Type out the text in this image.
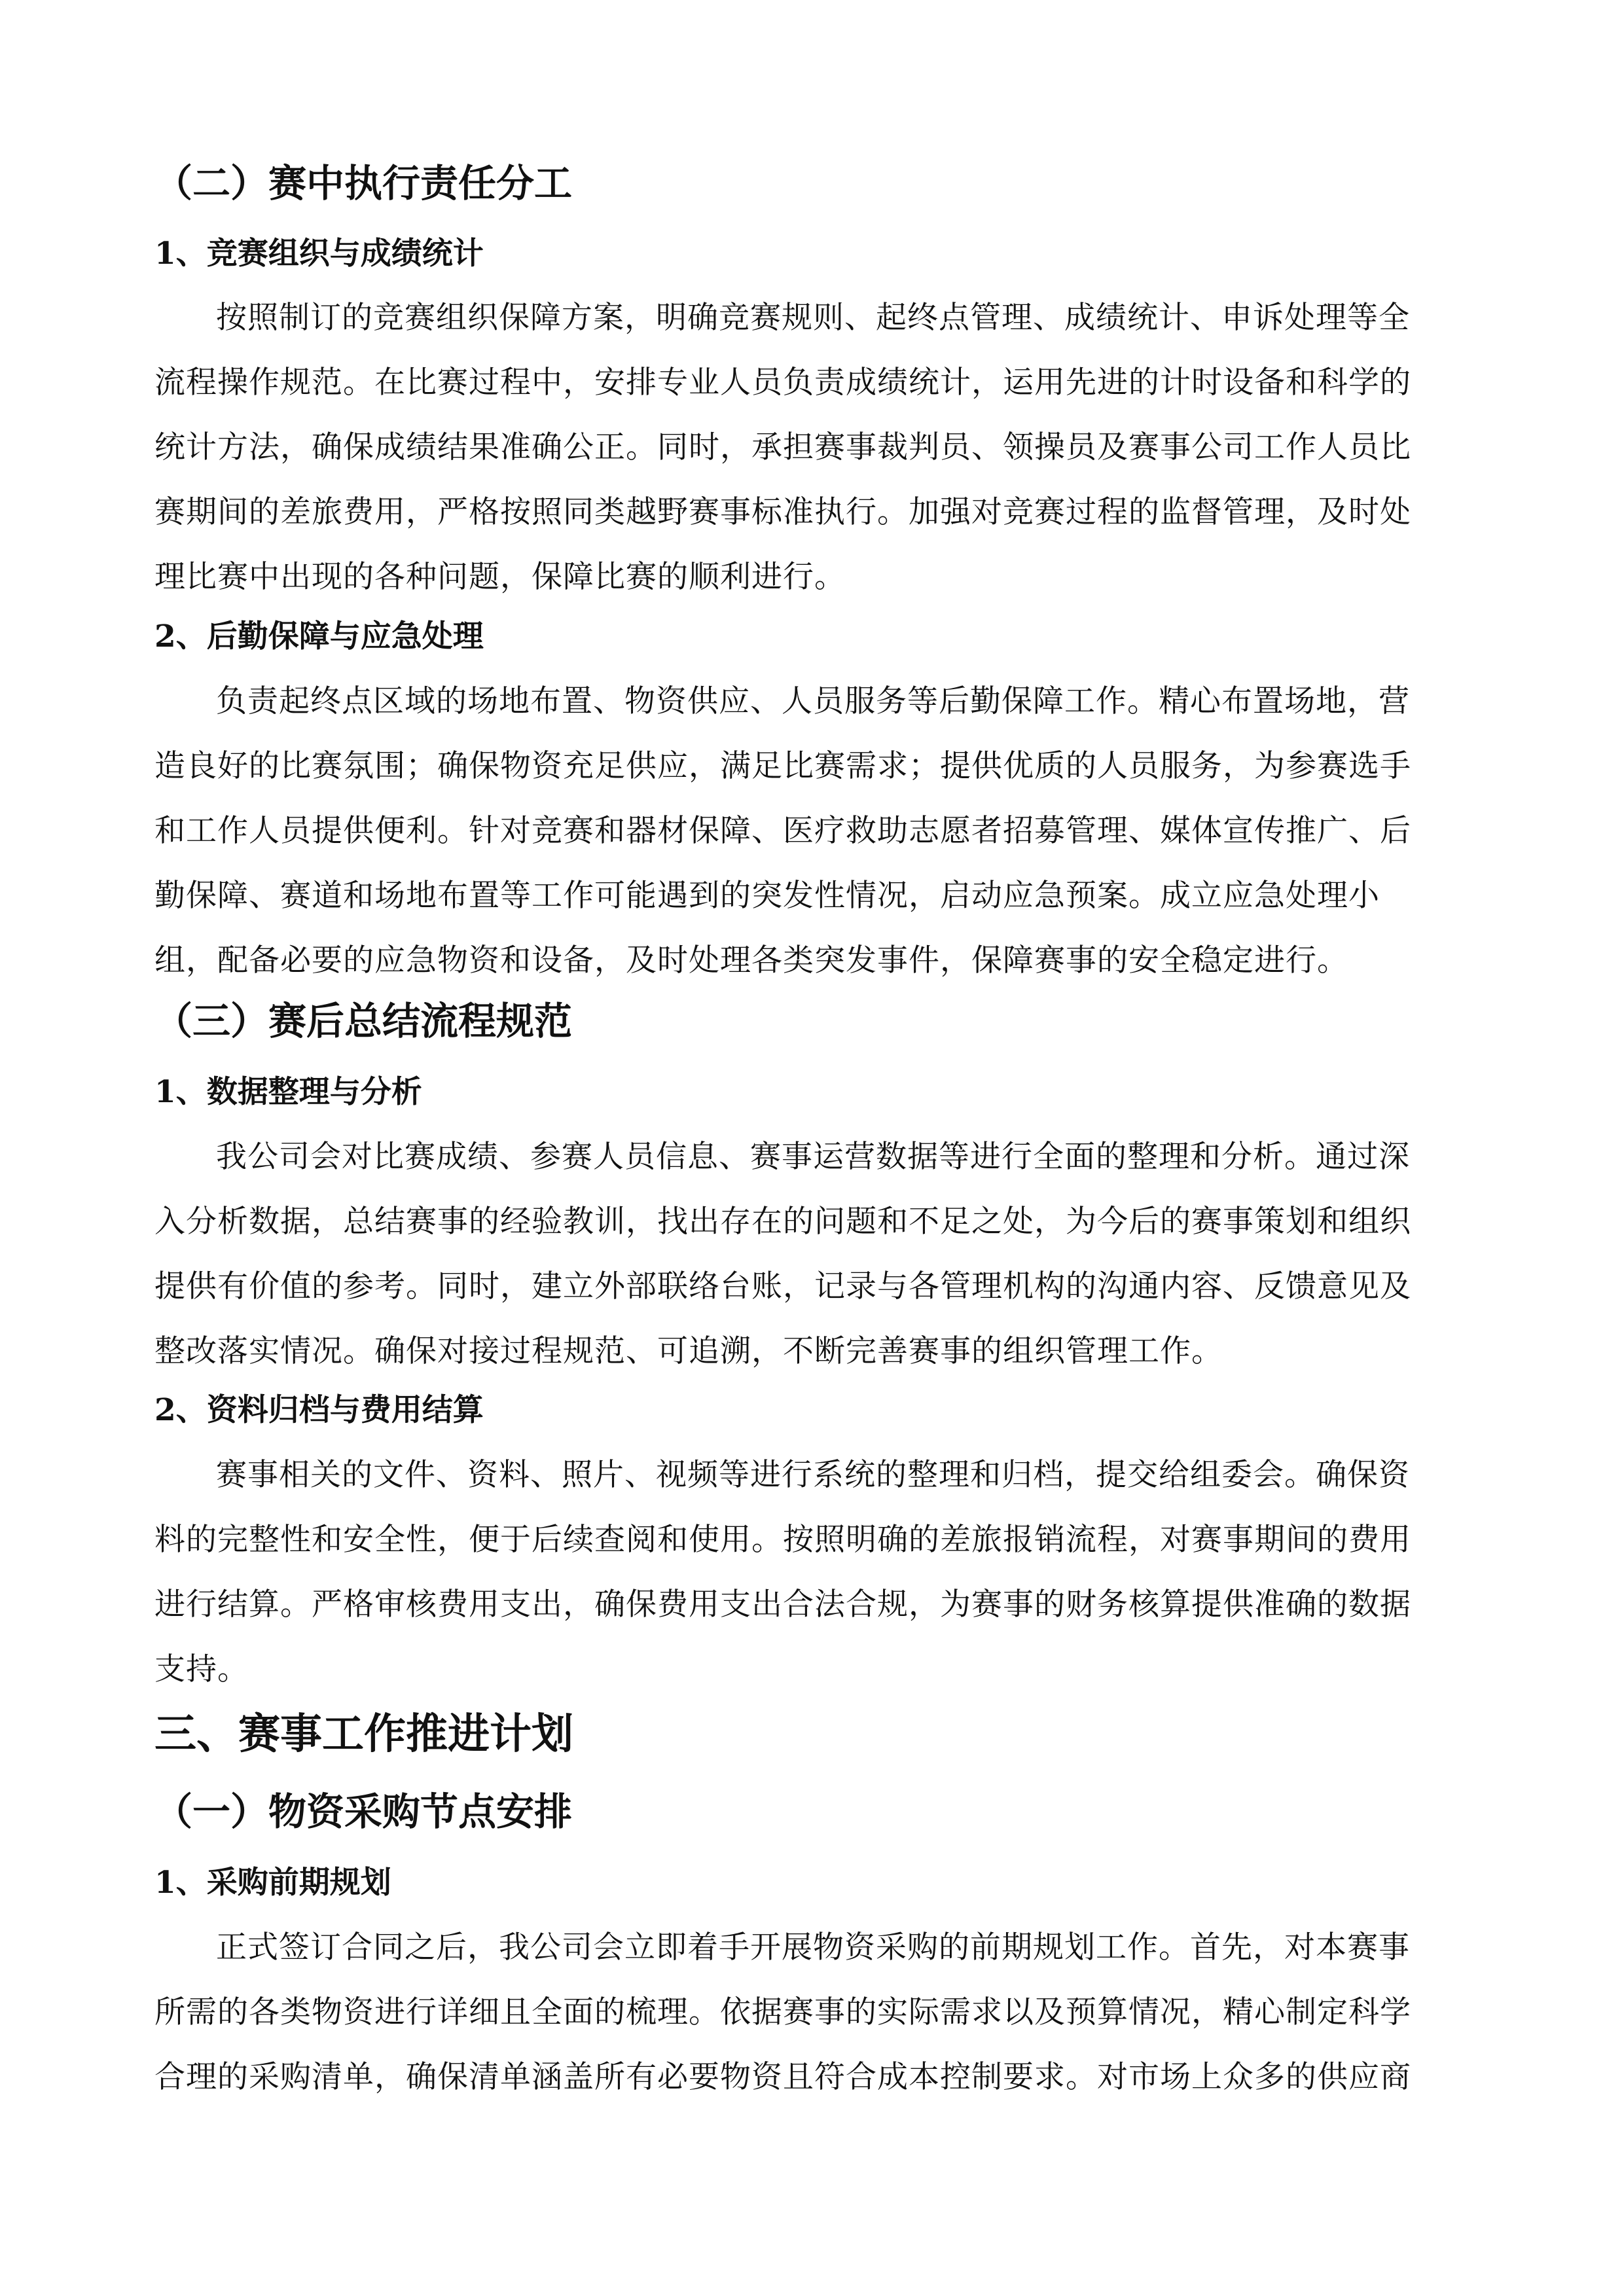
（二）赛中执行责任分工
1、竞赛组织与成绩统计
按照制订的竞赛组织保障方案，明确竞赛规则、起终点管理、成绩统计、申诉处理等全
流程操作规范。在比赛过程中，安排专业人员负责成绩统计，运用先进的计时设备和科学的
统计方法，确保成绩结果准确公正。同时，承担赛事裁判员、领操员及赛事公司工作人员比
赛期间的差旅费用，严格按照同类越野赛事标准执行。加强对竞赛过程的监督管理，及时处
理比赛中出现的各种问题，保障比赛的顺利进行。
2、后勤保障与应急处理
负责起终点区域的场地布置、物资供应、人员服务等后勤保障工作。精心布置场地，营
造良好的比赛氛围；确保物资充足供应，满足比赛需求；提供优质的人员服务，为参赛选手
和工作人员提供便利。针对竞赛和器材保障、医疗救助志愿者招募管理、媒体宣传推广、后
勤保障、赛道和场地布置等工作可能遇到的突发性情况，启动应急预案。成立应急处理小
组，配备必要的应急物资和设备，及时处理各类突发事件，保障赛事的安全稳定进行。
（三）赛后总结流程规范
1、数据整理与分析
我公司会对比赛成绩、参赛人员信息、赛事运营数据等进行全面的整理和分析。通过深
入分析数据，总结赛事的经验教训，找出存在的问题和不足之处，为今后的赛事策划和组织
提供有价值的参考。同时，建立外部联络台账，记录与各管理机构的沟通内容、反馈意见及
整改落实情况。确保对接过程规范、可追溯，不断完善赛事的组织管理工作。
2、资料归档与费用结算
赛事相关的文件、资料、照片、视频等进行系统的整理和归档，提交给组委会。确保资
料的完整性和安全性，便于后续查阅和使用。按照明确的差旅报销流程，对赛事期间的费用
进行结算。严格审核费用支出，确保费用支出合法合规，为赛事的财务核算提供准确的数据
支持。
三、赛事工作推进计划
（一）物资采购节点安排
1、采购前期规划
正式签订合同之后，我公司会立即着手开展物资采购的前期规划工作。首先，对本赛事
所需的各类物资进行详细且全面的梳理。依据赛事的实际需求以及预算情况，精心制定科学
合理的采购清单，确保清单涵盖所有必要物资且符合成本控制要求。对市场上众多的供应商
